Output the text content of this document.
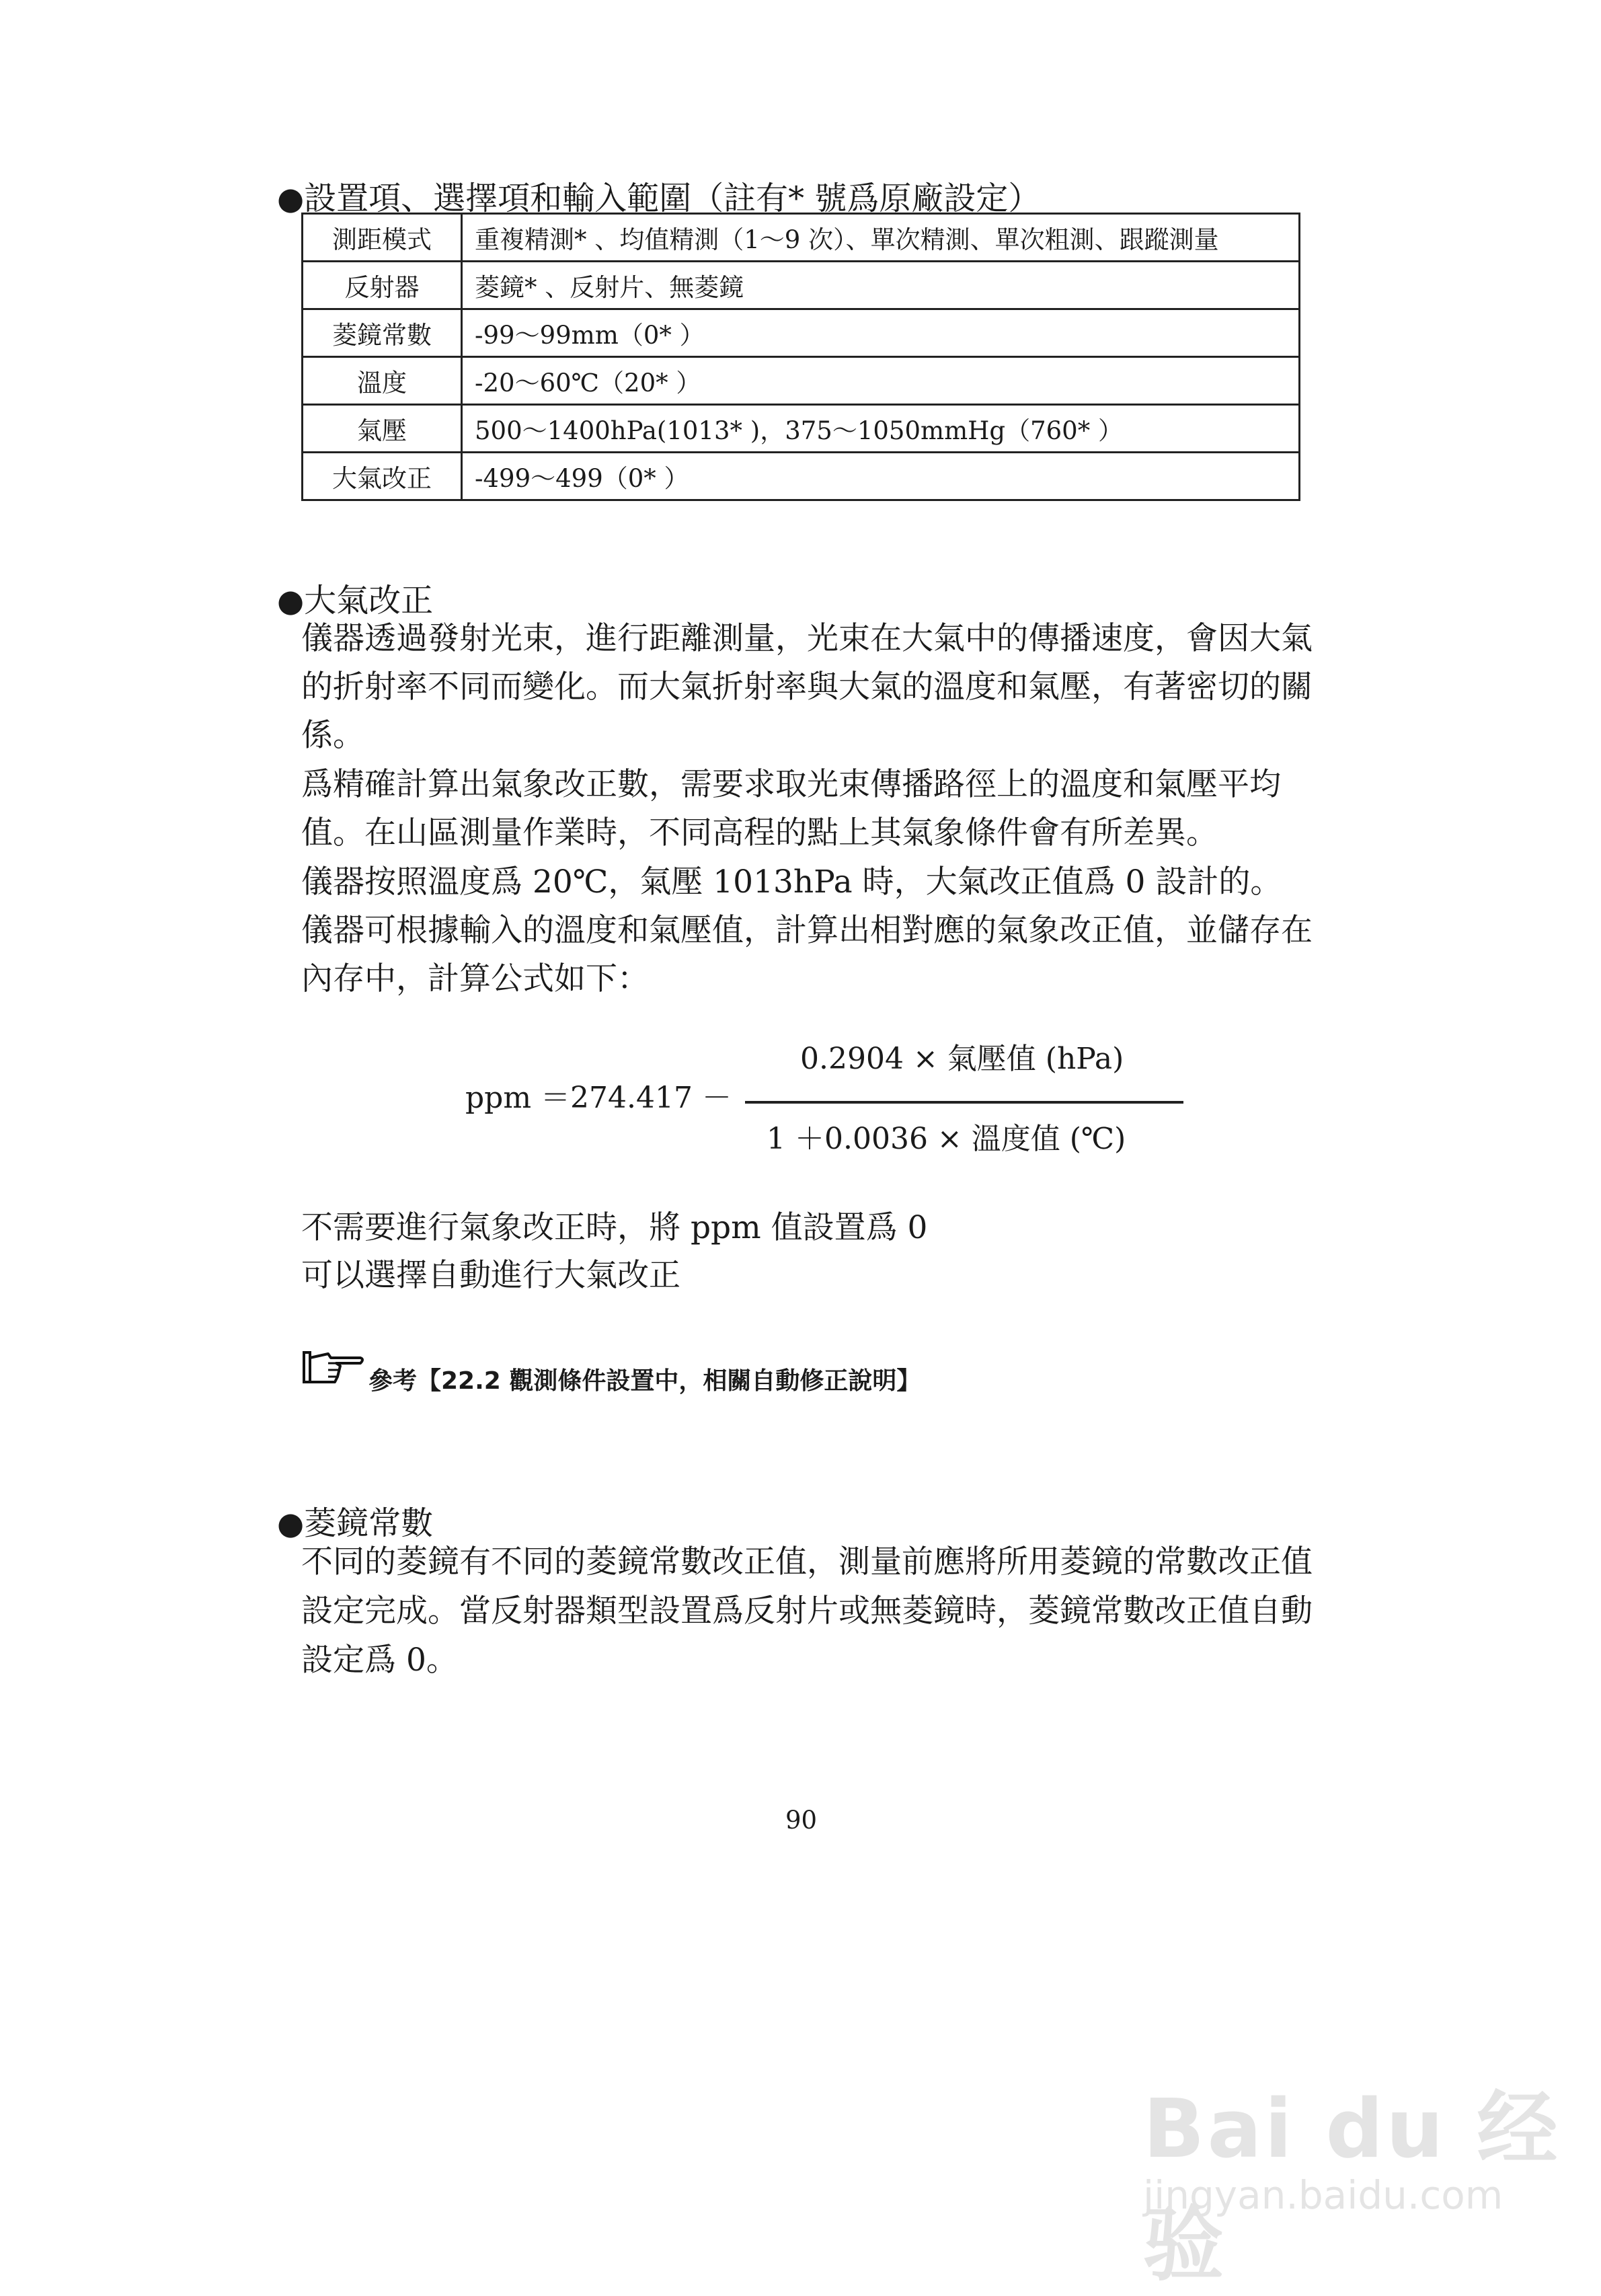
●設置項、選擇項和輸入範圍（註有* 號爲原廠設定）
測距模式	重複精測* 、均值精測（1～9 次）、單次精測、單次粗測、跟蹤測量
反射器	菱鏡* 、反射片、無菱鏡
菱鏡常數	-99～99mm（0* ）
溫度	-20～60℃（20* ）
氣壓	500～1400hPa(1013* )，375～1050mmHg（760* ）
大氣改正	-499～499（0* ）
●大氣改正
儀器透過發射光束，進行距離測量，光束在大氣中的傳播速度，會因大氣
的折射率不同而變化。而大氣折射率與大氣的溫度和氣壓，有著密切的關
係。
爲精確計算出氣象改正數，需要求取光束傳播路徑上的溫度和氣壓平均
值。在山區測量作業時，不同高程的點上其氣象條件會有所差異。
儀器按照溫度爲 20℃，氣壓 1013hPa 時，大氣改正值爲 0 設計的。
儀器可根據輸入的溫度和氣壓值，計算出相對應的氣象改正值，並儲存在
內存中，計算公式如下：
ppm ＝274.417 －
0.2904 × 氣壓值 (hPa)
1 ＋0.0036 × 溫度值 (℃)
不需要進行氣象改正時，將 ppm 值設置爲 0
可以選擇自動進行大氣改正
參考【22.2 觀測條件設置中，相關自動修正說明】
●菱鏡常數
不同的菱鏡有不同的菱鏡常數改正值，測量前應將所用菱鏡的常數改正值
設定完成。當反射器類型設置爲反射片或無菱鏡時，菱鏡常數改正值自動
設定爲 0。
90
Bai du 经验
jingyan.baidu.com
